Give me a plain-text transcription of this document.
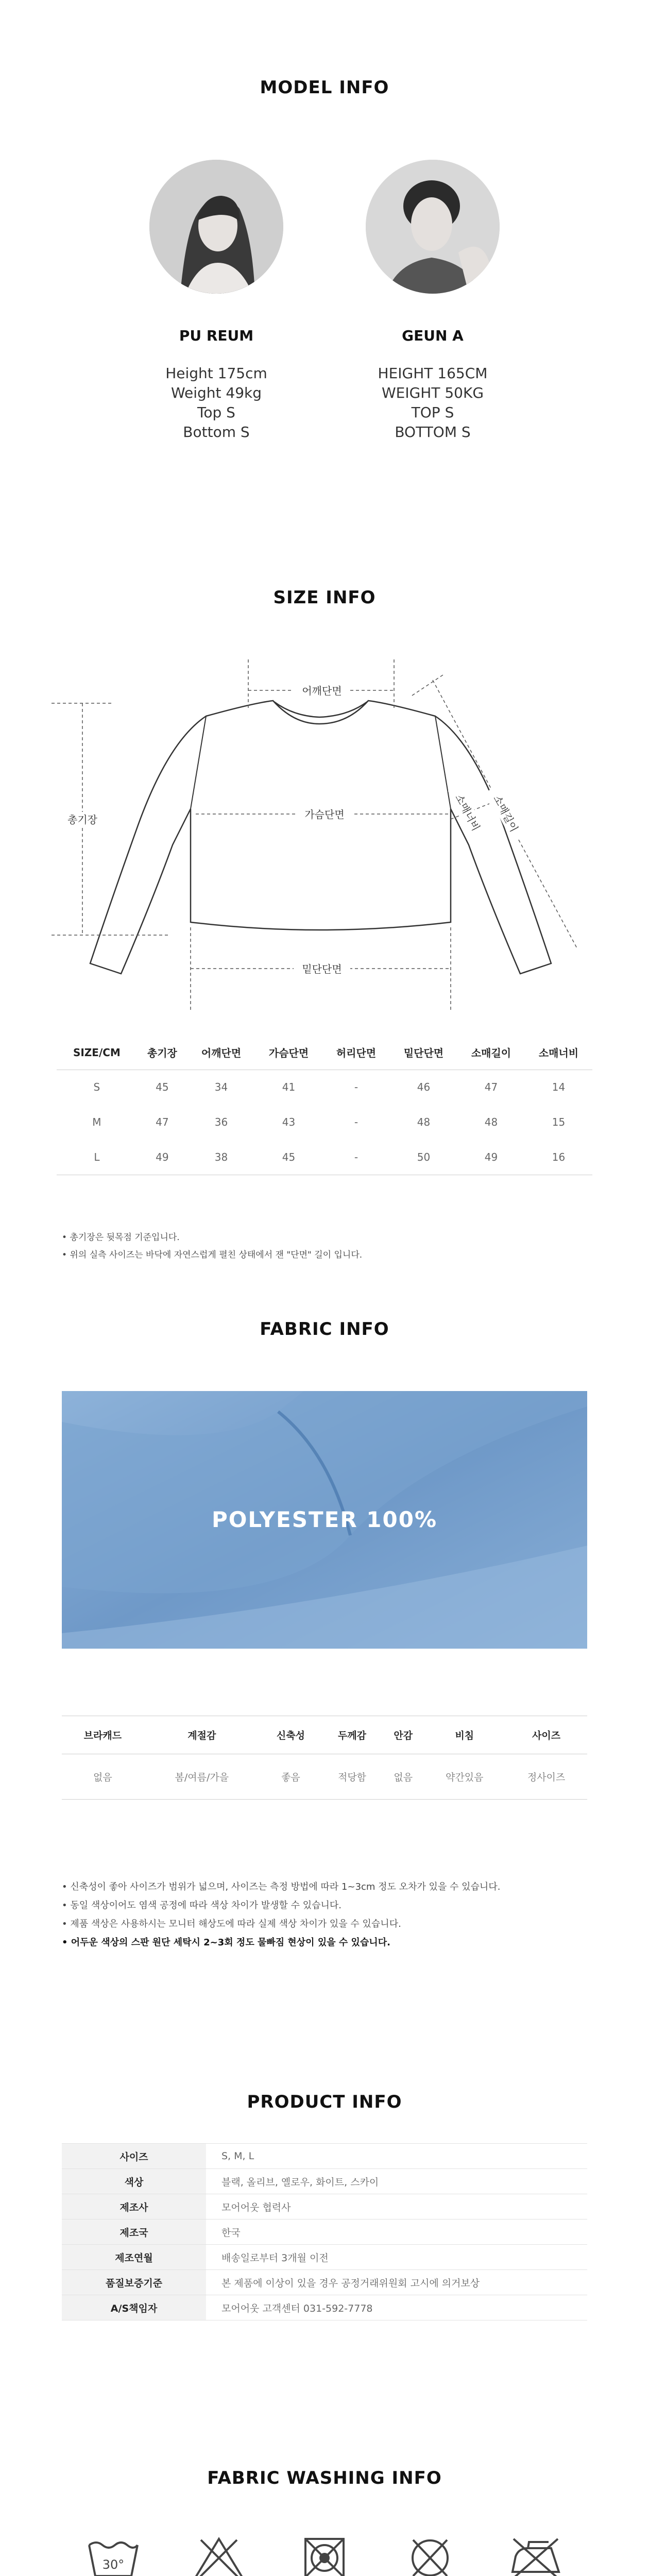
MODEL INFO
PU REUM
Height 175cm
Weight 49kg
Top S
Bottom S
GEUN A
HEIGHT 165CM
WEIGHT 50KG
TOP S
BOTTOM S
SIZE INFO
어깨단면
가슴단면
밑단단면
총기장	소매길이
소매너비
SIZE/CM	총기장	어깨단면	가슴단면	허리단면	밑단단면	소매길이	소매너비
S	45	34	41	-	46	47	14
M	47	36	43	-	48	48	15
L	49	38	45	-	50	49	16
• 총기장은 뒷목점 기준입니다.
• 위의 실측 사이즈는 바닥에 자연스럽게 펼친 상태에서 잰 "단면" 길이 입니다.
FABRIC INFO
POLYESTER 100%
브라캐드	계절감	신축성	두께감	안감	비침	사이즈
없음	봄/여름/가을	좋음	적당함	없음	약간있음	정사이즈
• 신축성이 좋아 사이즈가 범위가 넓으며, 사이즈는 측정 방법에 따라 1~3cm 정도 오차가 있을 수 있습니다.
• 동일 색상이어도 염색 공정에 따라 색상 차이가 발생할 수 있습니다.
• 제품 색상은 사용하시는 모니터 해상도에 따라 실제 색상 차이가 있을 수 있습니다.
• 어두운 색상의 스판 원단 세탁시 2~3회 정도 물빠짐 현상이 있을 수 있습니다.
PRODUCT INFO
사이즈	S, M, L
색상	블랙, 올리브, 옐로우, 화이트, 스카이
제조사	모어어웃 협력사
제조국	한국
제조연월	배송일로부터 3개월 이전
품질보증기준	본 제품에 이상이 있을 경우 공정거래위원회 고시에 의거보상
A/S책임자	모어어웃 고객센터 031-592-7778
FABRIC WASHING INFO
30°
